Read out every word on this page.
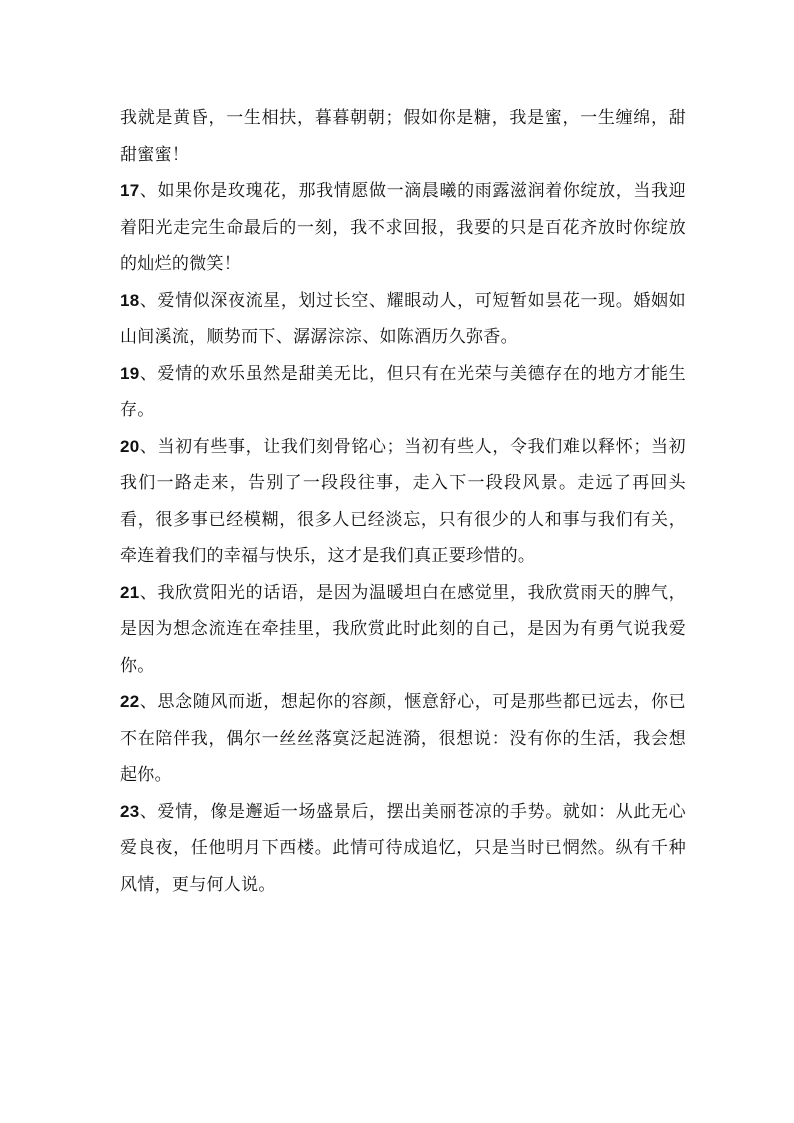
我就是黄昏，一生相扶，暮暮朝朝；假如你是糖，我是蜜，一生缠绵，甜甜蜜蜜！

17、如果你是玫瑰花，那我情愿做一滴晨曦的雨露滋润着你绽放，当我迎着阳光走完生命最后的一刻，我不求回报，我要的只是百花齐放时你绽放的灿烂的微笑！

18、爱情似深夜流星，划过长空、耀眼动人，可短暂如昙花一现。婚姻如山间溪流，顺势而下、潺潺淙淙、如陈酒历久弥香。

19、爱情的欢乐虽然是甜美无比，但只有在光荣与美德存在的地方才能生存。

20、当初有些事，让我们刻骨铭心；当初有些人，令我们难以释怀；当初我们一路走来，告别了一段段往事，走入下一段段风景。走远了再回头看，很多事已经模糊，很多人已经淡忘，只有很少的人和事与我们有关，牵连着我们的幸福与快乐，这才是我们真正要珍惜的。

21、我欣赏阳光的话语，是因为温暖坦白在感觉里，我欣赏雨天的脾气，是因为想念流连在牵挂里，我欣赏此时此刻的自己，是因为有勇气说我爱你。

22、思念随风而逝，想起你的容颜，惬意舒心，可是那些都已远去，你已不在陪伴我，偶尔一丝丝落寞泛起涟漪，很想说：没有你的生活，我会想起你。

23、爱情，像是邂逅一场盛景后，摆出美丽苍凉的手势。就如：从此无心爱良夜，任他明月下西楼。此情可待成追忆，只是当时已惘然。纵有千种风情，更与何人说。
